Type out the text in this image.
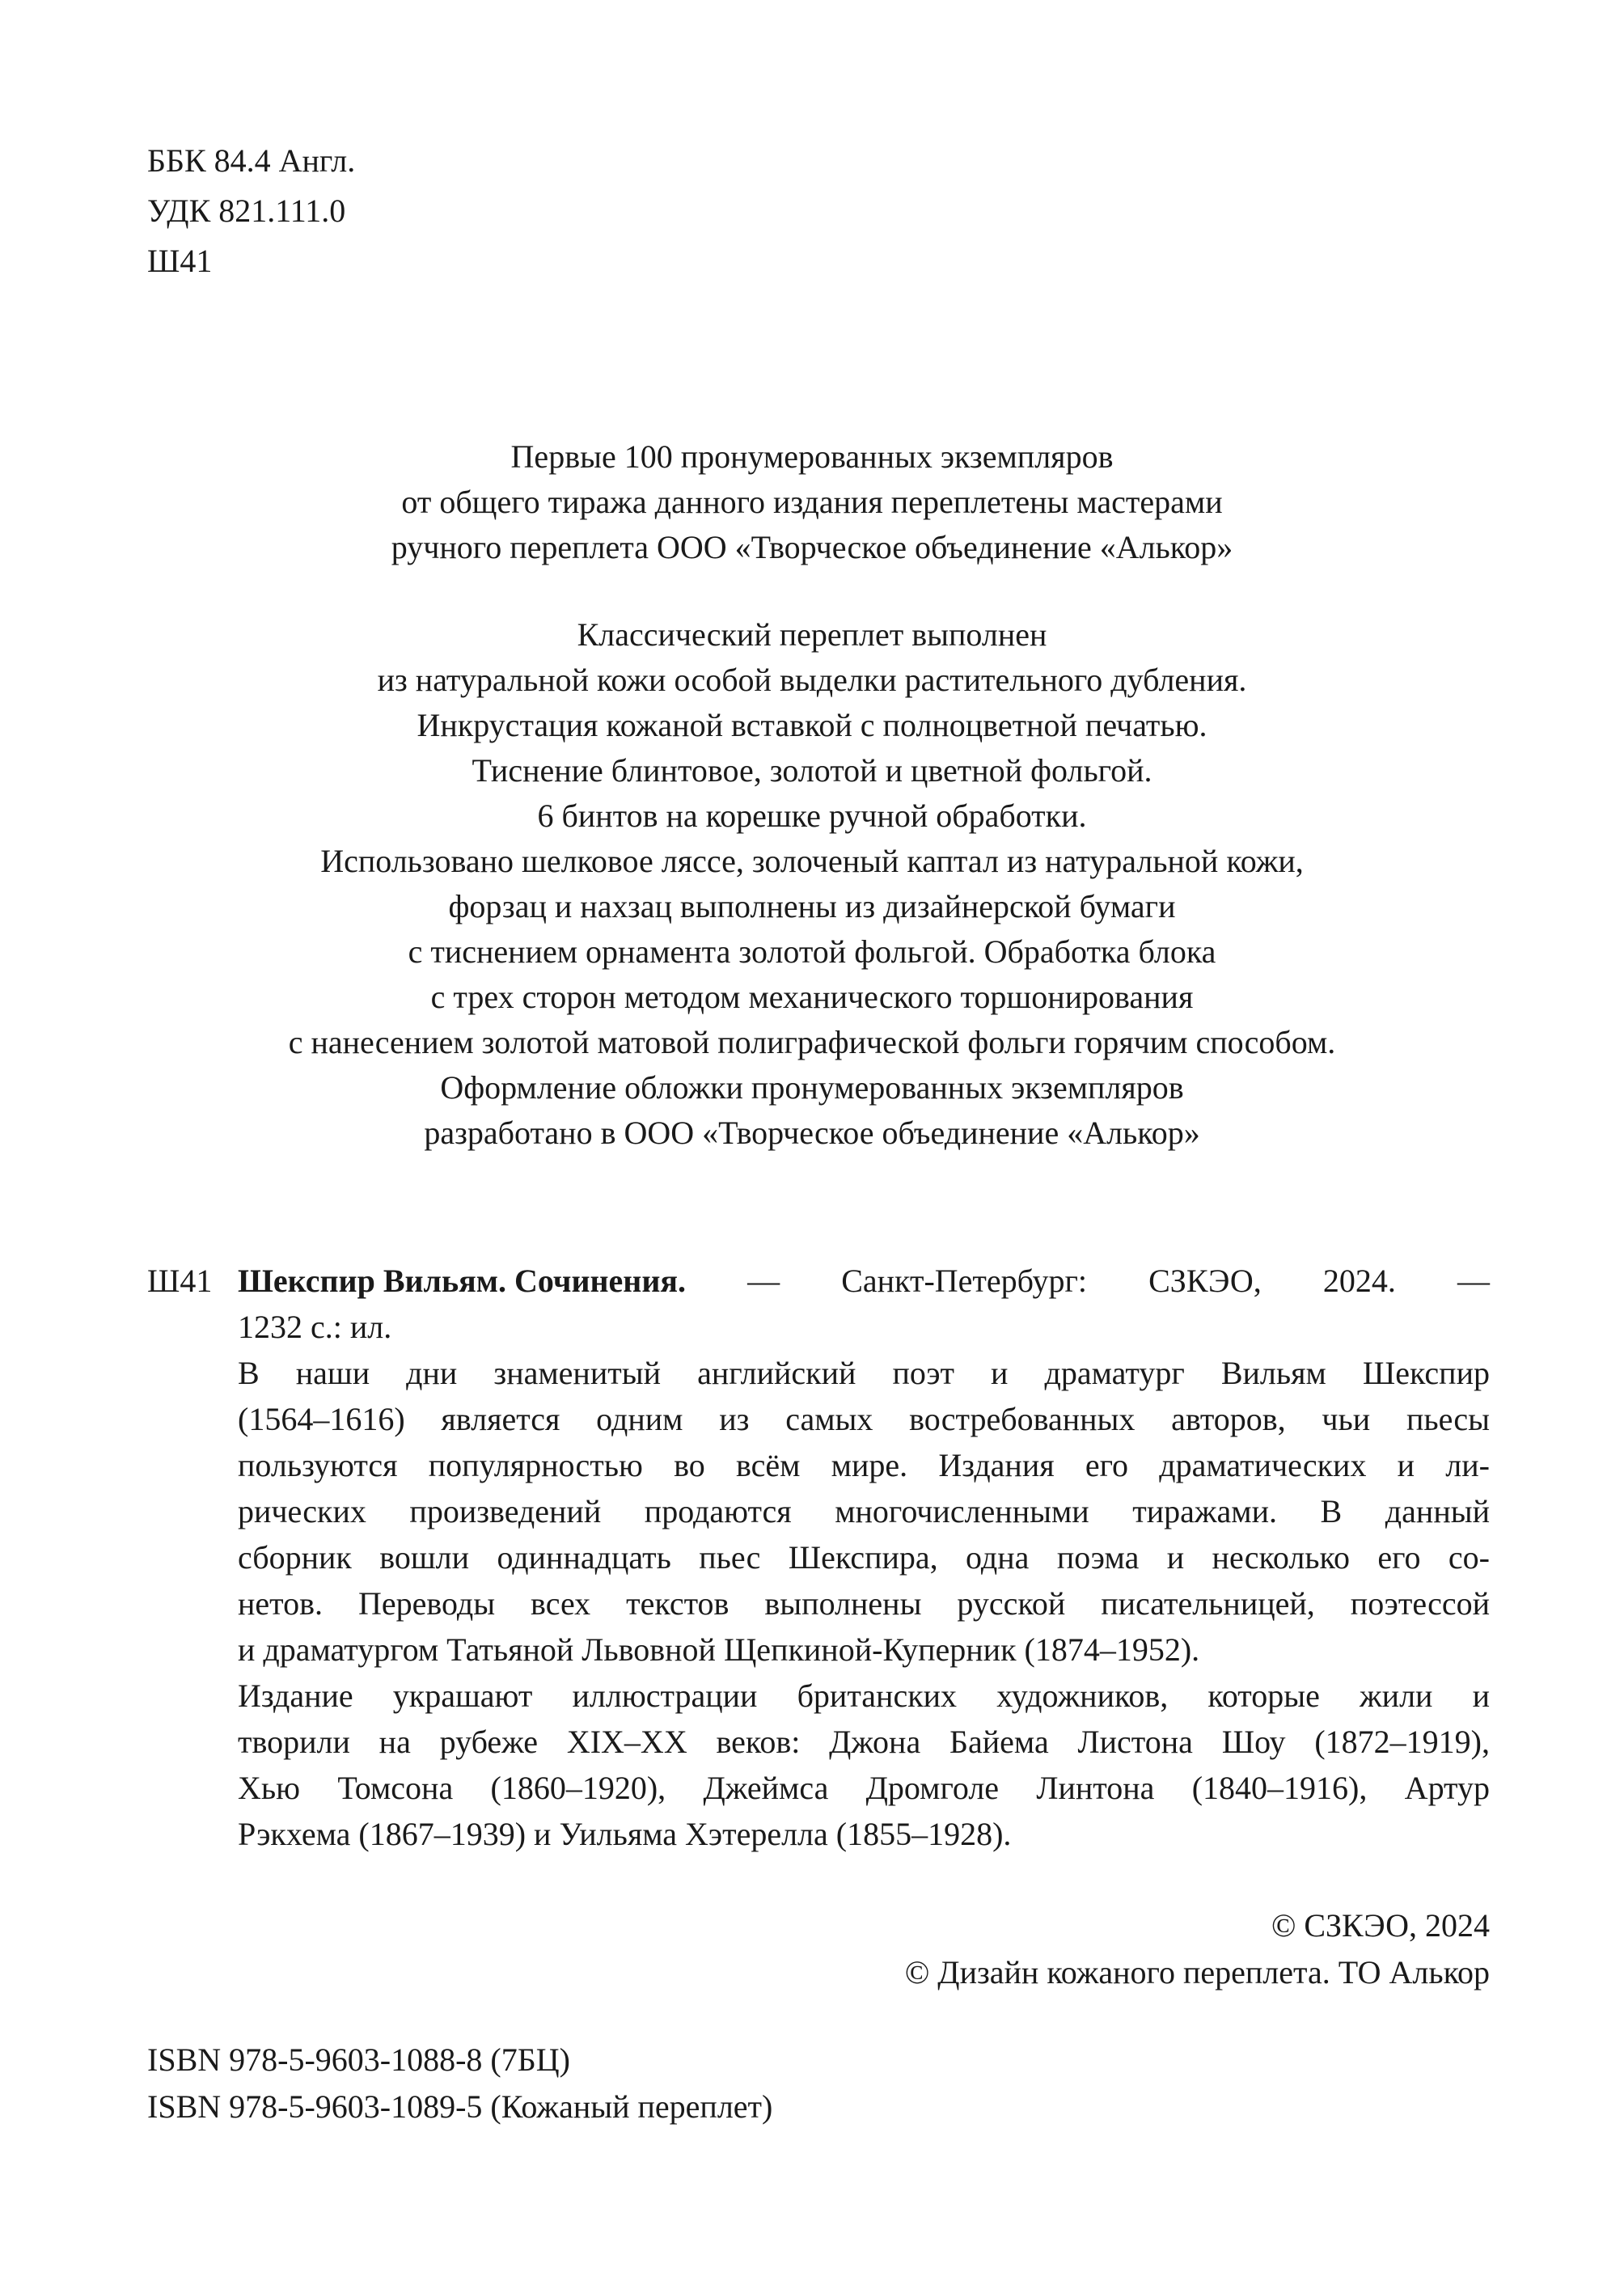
ББК 84.4 Англ.
УДК 821.111.0
Ш41
Первые 100 пронумерованных экземпляров
от общего тиража данного издания переплетены мастерами
ручного переплета ООО «Творческое объединение «Алькор»
Классический переплет выполнен
из натуральной кожи особой выделки растительного дубления.
Инкрустация кожаной вставкой с полноцветной печатью.
Тиснение блинтовое, золотой и цветной фольгой.
6 бинтов на корешке ручной обработки.
Использовано шелковое ляссе, золоченый каптал из натуральной кожи,
форзац и нахзац выполнены из дизайнерской бумаги
с тиснением орнамента золотой фольгой. Обработка блока
с трех сторон методом механического торшонирования
с нанесением золотой матовой полиграфической фольги горячим способом.
Оформление обложки пронумерованных экземпляров
разработано в ООО «Творческое объединение «Алькор»
Ш41 Шекспир Вильям. Сочинения. — Санкт-Петербург: СЗКЭО, 2024. —
1232 с.: ил.
В наши дни знаменитый английский поэт и драматург Вильям Шекспир
(1564–1616) является одним из самых востребованных авторов, чьи пьесы
пользуются популярностью во всём мире. Издания его драматических и ли-
рических произведений продаются многочисленными тиражами. В данный
сборник вошли одиннадцать пьес Шекспира, одна поэма и несколько его со-
нетов. Переводы всех текстов выполнены русской писательницей, поэтессой
и драматургом Татьяной Львовной Щепкиной-Куперник (1874–1952).
Издание украшают иллюстрации британских художников, которые жили и
творили на рубеже XIX–XX веков: Джона Байема Листона Шоу (1872–1919),
Хью Томсона (1860–1920), Джеймса Дромголе Линтона (1840–1916), Артур
Рэкхема (1867–1939) и Уильяма Хэтерелла (1855–1928).
© СЗКЭО, 2024
© Дизайн кожаного переплета. ТО Алькор
ISBN 978-5-9603-1088-8 (7БЦ)
ISBN 978-5-9603-1089-5 (Кожаный переплет)
